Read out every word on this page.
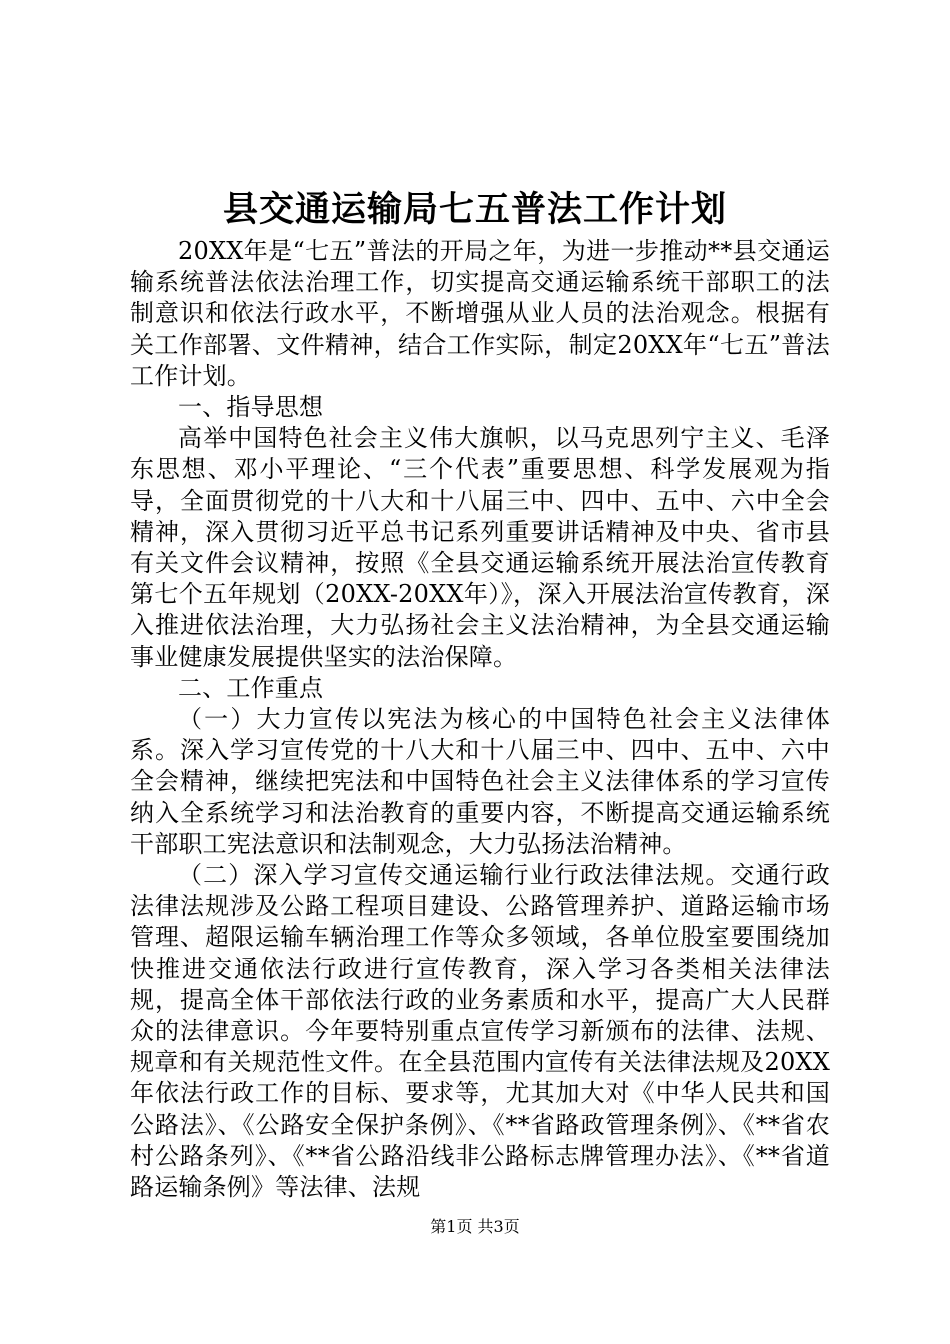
县交通运输局七五普法工作计划

20XX年是“七五”普法的开局之年，为进一步推动**县交通运输系统普法依法治理工作，切实提高交通运输系统干部职工的法制意识和依法行政水平，不断增强从业人员的法治观念。根据有关工作部署、文件精神，结合工作实际，制定20XX年“七五”普法工作计划。

一、指导思想

高举中国特色社会主义伟大旗帜，以马克思列宁主义、毛泽东思想、邓小平理论、“三个代表”重要思想、科学发展观为指导，全面贯彻党的十八大和十八届三中、四中、五中、六中全会精神，深入贯彻习近平总书记系列重要讲话精神及中央、省市县有关文件会议精神，按照《全县交通运输系统开展法治宣传教育第七个五年规划（20XX-20XX年）》，深入开展法治宣传教育，深入推进依法治理，大力弘扬社会主义法治精神，为全县交通运输事业健康发展提供坚实的法治保障。

二、工作重点

（一）大力宣传以宪法为核心的中国特色社会主义法律体系。深入学习宣传党的十八大和十八届三中、四中、五中、六中全会精神，继续把宪法和中国特色社会主义法律体系的学习宣传纳入全系统学习和法治教育的重要内容，不断提高交通运输系统干部职工宪法意识和法制观念，大力弘扬法治精神。

（二）深入学习宣传交通运输行业行政法律法规。交通行政法律法规涉及公路工程项目建设、公路管理养护、道路运输市场管理、超限运输车辆治理工作等众多领域，各单位股室要围绕加快推进交通依法行政进行宣传教育，深入学习各类相关法律法规，提高全体干部依法行政的业务素质和水平，提高广大人民群众的法律意识。今年要特别重点宣传学习新颁布的法律、法规、规章和有关规范性文件。在全县范围内宣传有关法律法规及20XX年依法行政工作的目标、要求等，尤其加大对《中华人民共和国公路法》、《公路安全保护条例》、《**省路政管理条例》、《**省农村公路条列》、《**省公路沿线非公路标志牌管理办法》、《**省道路运输条例》等法律、法规

第1页 共3页
